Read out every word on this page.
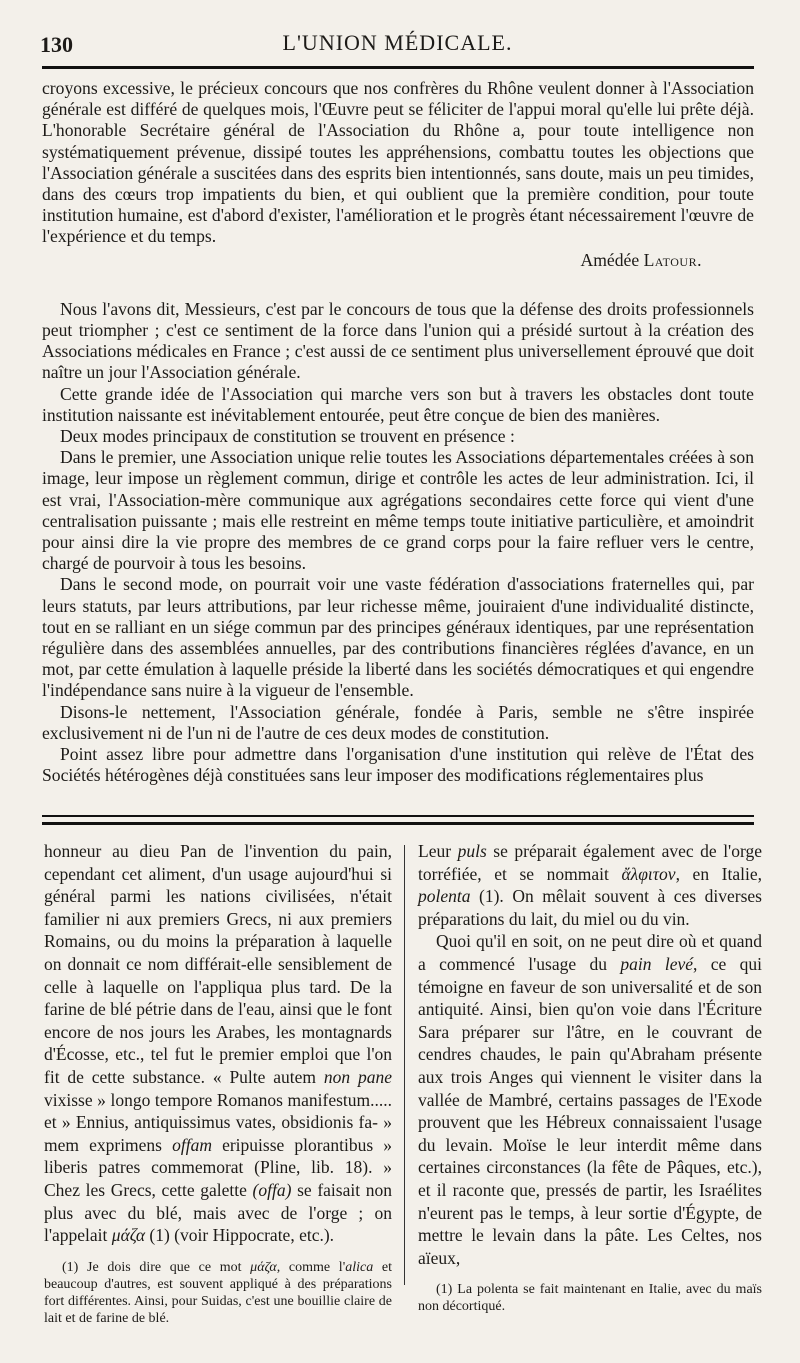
130	L'UNION MÉDICALE.

croyons excessive, le précieux concours que nos confrères du Rhône veulent donner à l'Association générale est différé de quelques mois, l'Œuvre peut se féliciter de l'appui moral qu'elle lui prête déjà. L'honorable Secrétaire général de l'Association du Rhône a, pour toute intelligence non systématiquement prévenue, dissipé toutes les appréhensions, combattu toutes les objections que l'Association générale a suscitées dans des esprits bien intentionnés, sans doute, mais un peu timides, dans des cœurs trop impatients du bien, et qui oublient que la première condition, pour toute institution humaine, est d'abord d'exister, l'amélioration et le progrès étant nécessairement l'œuvre de l'expérience et du temps.

Amédée Latour.

Nous l'avons dit, Messieurs, c'est par le concours de tous que la défense des droits professionnels peut triompher ; c'est ce sentiment de la force dans l'union qui a présidé surtout à la création des Associations médicales en France ; c'est aussi de ce sentiment plus universellement éprouvé que doit naître un jour l'Association générale.

Cette grande idée de l'Association qui marche vers son but à travers les obstacles dont toute institution naissante est inévitablement entourée, peut être conçue de bien des manières.

Deux modes principaux de constitution se trouvent en présence :

Dans le premier, une Association unique relie toutes les Associations départementales créées à son image, leur impose un règlement commun, dirige et contrôle les actes de leur administration. Ici, il est vrai, l'Association-mère communique aux agrégations secondaires cette force qui vient d'une centralisation puissante ; mais elle restreint en même temps toute initiative particulière, et amoindrit pour ainsi dire la vie propre des membres de ce grand corps pour la faire refluer vers le centre, chargé de pourvoir à tous les besoins.

Dans le second mode, on pourrait voir une vaste fédération d'associations fraternelles qui, par leurs statuts, par leurs attributions, par leur richesse même, jouiraient d'une individualité distincte, tout en se ralliant en un siége commun par des principes généraux identiques, par une représentation régulière dans des assemblées annuelles, par des contributions financières réglées d'avance, en un mot, par cette émulation à laquelle préside la liberté dans les sociétés démocratiques et qui engendre l'indépendance sans nuire à la vigueur de l'ensemble.

Disons-le nettement, l'Association générale, fondée à Paris, semble ne s'être inspirée exclusivement ni de l'un ni de l'autre de ces deux modes de constitution.

Point assez libre pour admettre dans l'organisation d'une institution qui relève de l'État des Sociétés hétérogènes déjà constituées sans leur imposer des modifications réglementaires plus

honneur au dieu Pan de l'invention du pain, cependant cet aliment, d'un usage aujourd'hui si général parmi les nations civilisées, n'était familier ni aux premiers Grecs, ni aux premiers Romains, ou du moins la préparation à laquelle on donnait ce nom différait-elle sensiblement de celle à laquelle on l'appliqua plus tard. De la farine de blé pétrie dans de l'eau, ainsi que le font encore de nos jours les Arabes, les montagnards d'Écosse, etc., tel fut le premier emploi que l'on fit de cette substance. « Pulte autem non pane vixisse » longo tempore Romanos manifestum..... et » Ennius, antiquissimus vates, obsidionis fa- » mem exprimens offam eripuisse plorantibus » liberis patres commemorat (Pline, lib. 18). » Chez les Grecs, cette galette (offa) se faisait non plus avec du blé, mais avec de l'orge ; on l'appelait μάζα (1) (voir Hippocrate, etc.).

(1) Je dois dire que ce mot μάζα, comme l'alica et beaucoup d'autres, est souvent appliqué à des préparations fort différentes. Ainsi, pour Suidas, c'est une bouillie claire de lait et de farine de blé.

Leur puls se préparait également avec de l'orge torréfiée, et se nommait ἄλφιτον, en Italie, polenta (1). On mêlait souvent à ces diverses préparations du lait, du miel ou du vin.

Quoi qu'il en soit, on ne peut dire où et quand a commencé l'usage du pain levé, ce qui témoigne en faveur de son universalité et de son antiquité. Ainsi, bien qu'on voie dans l'Écriture Sara préparer sur l'âtre, en le couvrant de cendres chaudes, le pain qu'Abraham présente aux trois Anges qui viennent le visiter dans la vallée de Mambré, certains passages de l'Exode prouvent que les Hébreux connaissaient l'usage du levain. Moïse le leur interdit même dans certaines circonstances (la fête de Pâques, etc.), et il raconte que, pressés de partir, les Israélites n'eurent pas le temps, à leur sortie d'Égypte, de mettre le levain dans la pâte. Les Celtes, nos aïeux,

(1) La polenta se fait maintenant en Italie, avec du maïs non décortiqué.
